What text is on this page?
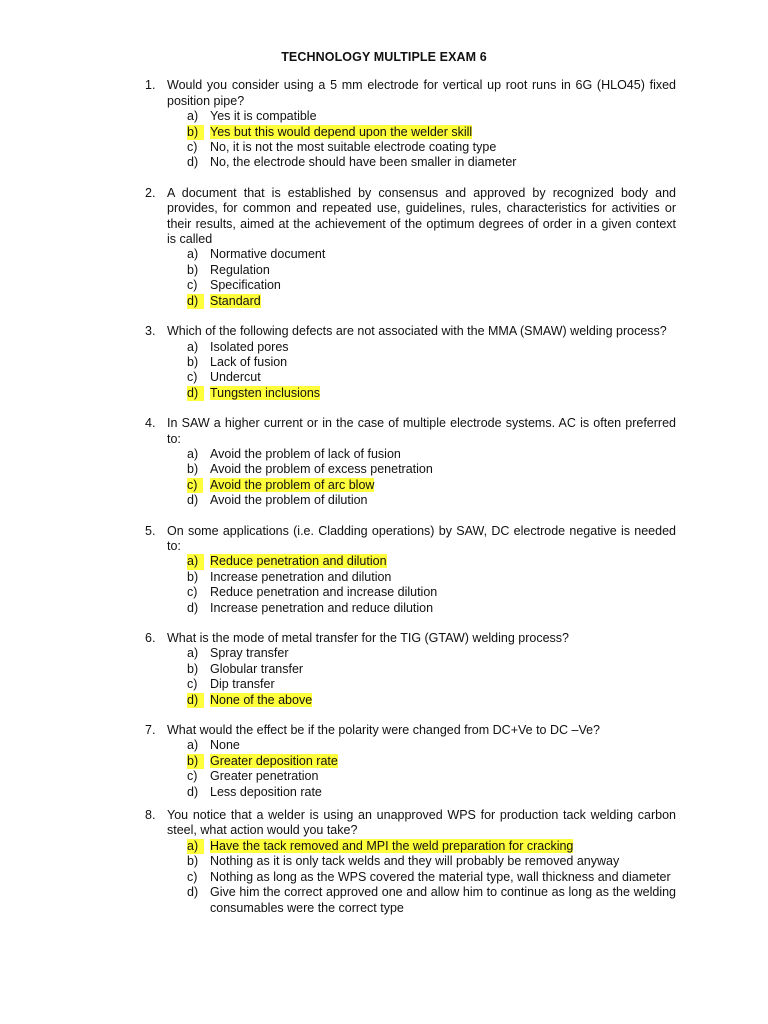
TECHNOLOGY MULTIPLE EXAM 6
1. Would you consider using a 5 mm electrode for vertical up root runs in 6G (HLO45) fixed position pipe?
a) Yes it is compatible
b) Yes but this would depend upon the welder skill
c) No, it is not the most suitable electrode coating type
d) No, the electrode should have been smaller in diameter
2. A document that is established by consensus and approved by recognized body and provides, for common and repeated use, guidelines, rules, characteristics for activities or their results, aimed at the achievement of the optimum degrees of order in a given context is called
a) Normative document
b) Regulation
c) Specification
d) Standard
3. Which of the following defects are not associated with the MMA (SMAW) welding process?
a) Isolated pores
b) Lack of fusion
c) Undercut
d) Tungsten inclusions
4. In SAW a higher current or in the case of multiple electrode systems. AC is often preferred to:
a) Avoid the problem of lack of fusion
b) Avoid the problem of excess penetration
c)	Avoid the problem of arc blow
d) Avoid the problem of dilution
5. On some applications (i.e. Cladding operations) by SAW, DC electrode negative is needed to:
a) Reduce penetration and dilution
b) Increase penetration and dilution
c) Reduce penetration and increase dilution
d) Increase penetration and reduce dilution
6. What is the mode of metal transfer for the TIG (GTAW) welding process?
a) Spray transfer
b) Globular transfer
c) Dip transfer
d) None of the above
7. What would the effect be if the polarity were changed from DC+Ve to DC –Ve?
a) None
b) Greater deposition rate
c) Greater penetration
d) Less deposition rate
8. You notice that a welder is using an unapproved WPS for production tack welding carbon steel, what action would you take?
a) Have the tack removed and MPI the weld preparation for cracking
b) Nothing as it is only tack welds and they will probably be removed anyway
c) Nothing as long as the WPS covered the material type, wall thickness and diameter
d) Give him the correct approved one and allow him to continue as long as the welding consumables were the correct type
